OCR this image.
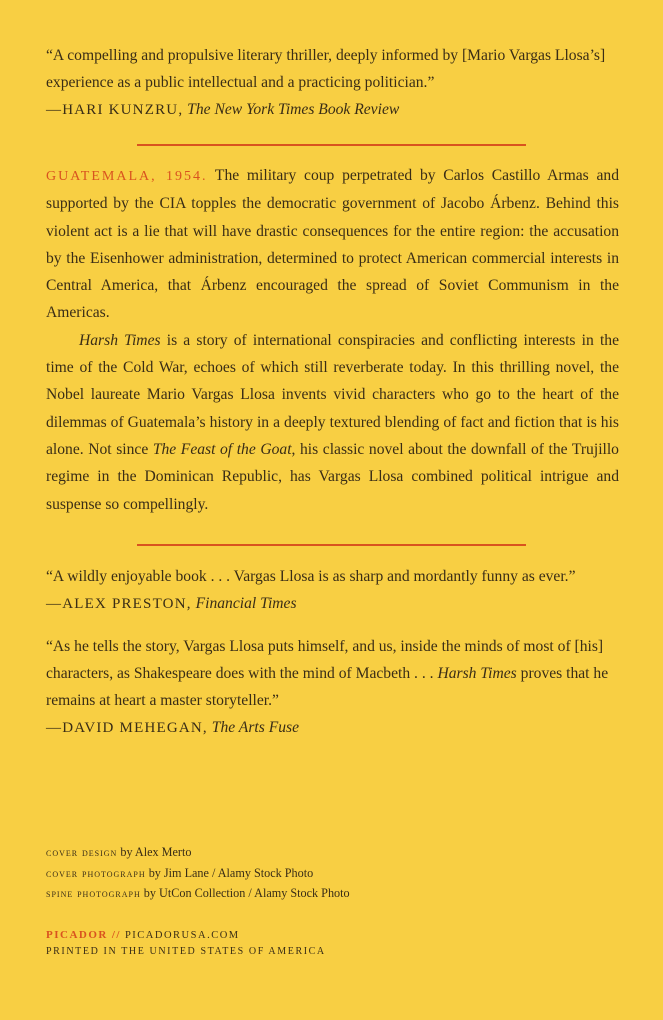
“A compelling and propulsive literary thriller, deeply informed by [Mario Vargas Llosa’s] experience as a public intellectual and a practicing politician.”

—HARI KUNZRU, The New York Times Book Review

GUATEMALA, 1954. The military coup perpetrated by Carlos Castillo Armas and supported by the CIA topples the democratic government of Jacobo Árbenz. Behind this violent act is a lie that will have drastic consequences for the entire region: the accusation by the Eisenhower administration, determined to protect American commercial interests in Central America, that Árbenz encouraged the spread of Soviet Communism in the Americas.

Harsh Times is a story of international conspiracies and conflicting interests in the time of the Cold War, echoes of which still reverberate today. In this thrilling novel, the Nobel laureate Mario Vargas Llosa invents vivid characters who go to the heart of the dilemmas of Guatemala’s history in a deeply textured blending of fact and fiction that is his alone. Not since The Feast of the Goat, his classic novel about the downfall of the Trujillo regime in the Dominican Republic, has Vargas Llosa combined political intrigue and suspense so compellingly.

“A wildly enjoyable book . . . Vargas Llosa is as sharp and mordantly funny as ever.”

—ALEX PRESTON, Financial Times

“As he tells the story, Vargas Llosa puts himself, and us, inside the minds of most of [his] characters, as Shakespeare does with the mind of Macbeth . . . Harsh Times proves that he remains at heart a master storyteller.”

—DAVID MEHEGAN, The Arts Fuse

cover design by Alex Merto

cover photograph by Jim Lane / Alamy Stock Photo

spine photograph by UtCon Collection / Alamy Stock Photo

PICADOR // PICADORUSA.COM
PRINTED IN THE UNITED STATES OF AMERICA
